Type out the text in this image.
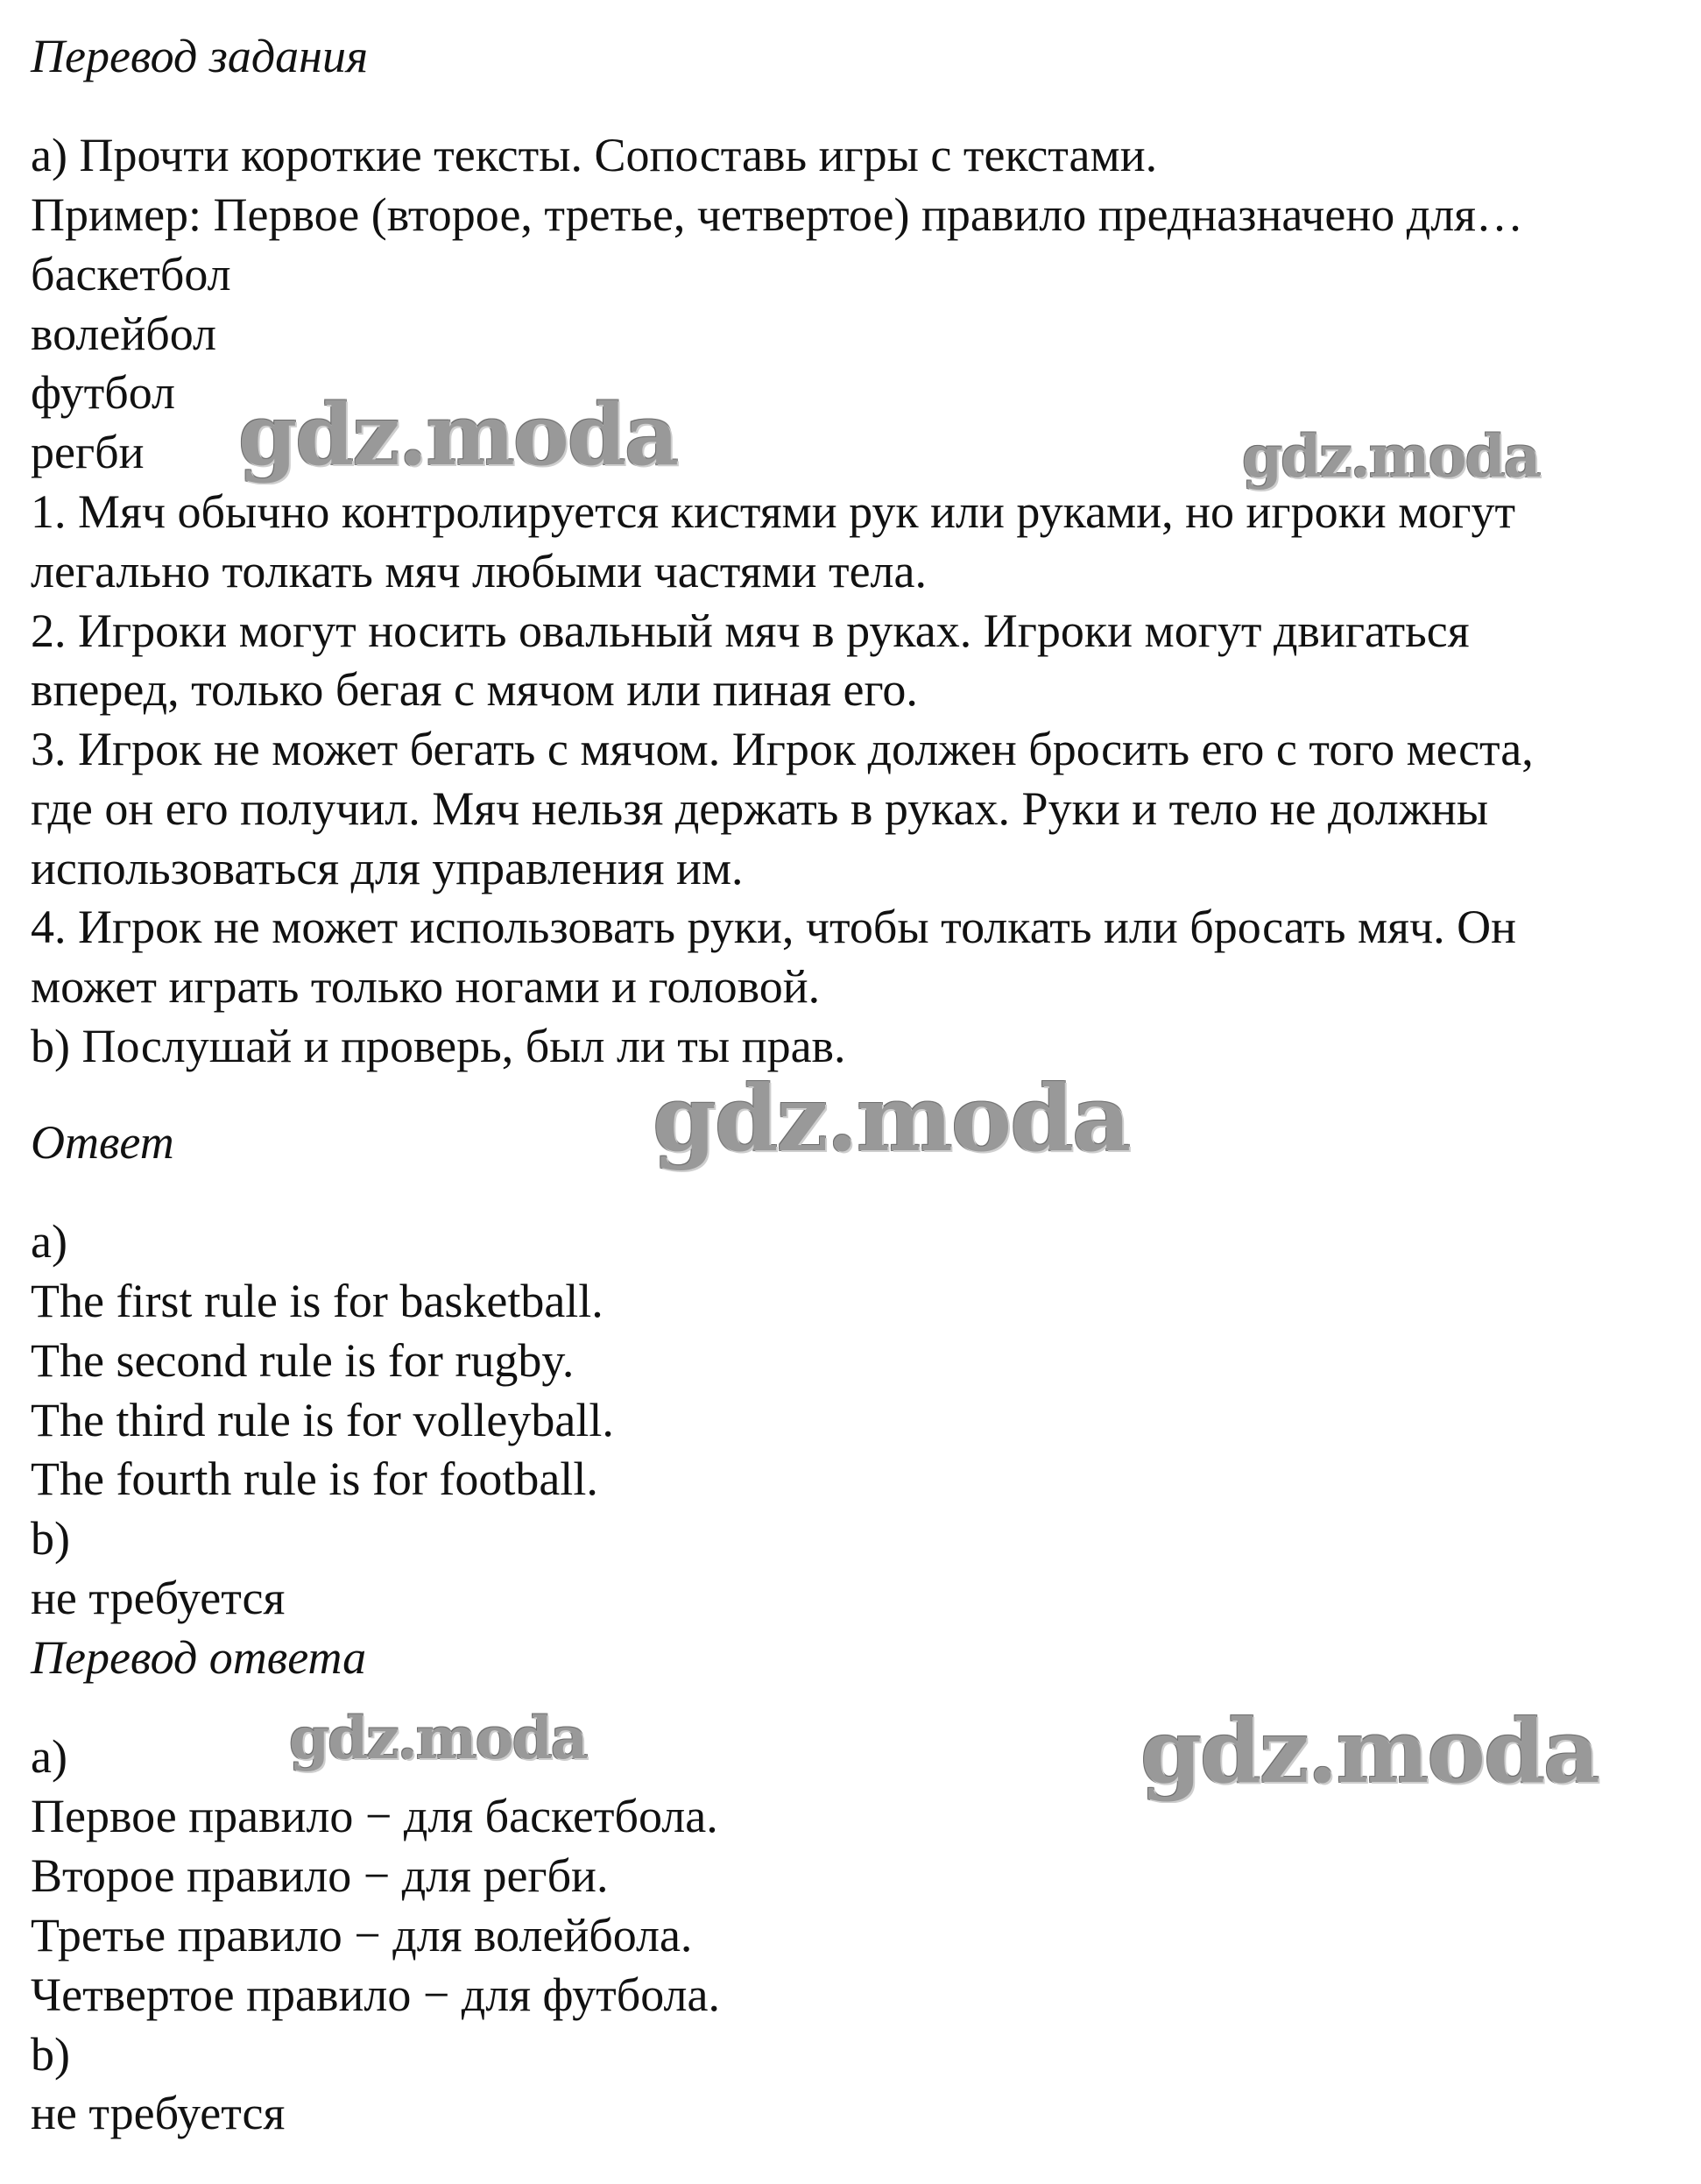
Перевод задания
a) Прочти короткие тексты. Сопоставь игры с текстами.
Пример: Первое (второе, третье, четвертое) правило предназначено для…
баскетбол
волейбол
футбол
регби
1. Мяч обычно контролируется кистями рук или руками, но игроки могут
легально толкать мяч любыми частями тела.
2. Игроки могут носить овальный мяч в руках. Игроки могут двигаться
вперед, только бегая с мячом или пиная его.
3. Игрок не может бегать с мячом. Игрок должен бросить его с того места,
где он его получил. Мяч нельзя держать в руках. Руки и тело не должны
использоваться для управления им.
4. Игрок не может использовать руки, чтобы толкать или бросать мяч. Он
может играть только ногами и головой.
b) Послушай и проверь, был ли ты прав.
Ответ
a)
The first rule is for basketball.
The second rule is for rugby.
The third rule is for volleyball.
The fourth rule is for football.
b)
не требуется
Перевод ответа
a)
Первое правило − для баскетбола.
Второе правило − для регби.
Третье правило − для волейбола.
Четвертое правило − для футбола.
b)
не требуется
gdz.moda	gdz.moda
gdz.moda
gdz.moda	gdz.moda
